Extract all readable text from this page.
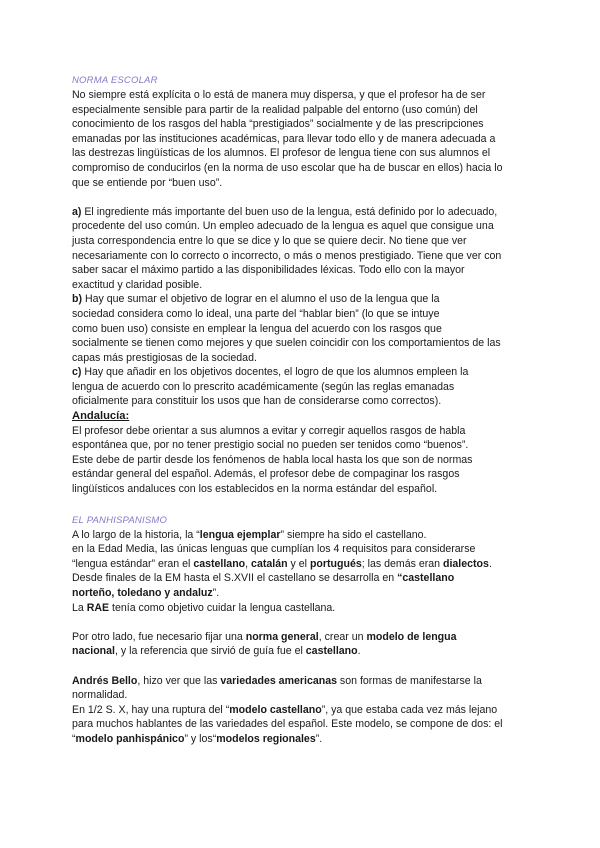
NORMA ESCOLAR

No siempre está explícita o lo está de manera muy dispersa, y que el profesor ha de ser

especialmente sensible para partir de la realidad palpable del entorno (uso común) del

conocimiento de los rasgos del habla “prestigiados” socialmente y de las prescripciones

emanadas por las instituciones académicas, para llevar todo ello y de manera adecuada a

las destrezas lingüísticas de los alumnos. El profesor de lengua tiene con sus alumnos el

compromiso de conducirlos (en la norma de uso escolar que ha de buscar en ellos) hacia lo

que se entiende por “buen uso”.

a) El ingrediente más importante del buen uso de la lengua, está definido por lo adecuado,

procedente del uso común. Un empleo adecuado de la lengua es aquel que consigue una

justa correspondencia entre lo que se dice y lo que se quiere decir. No tiene que ver

necesariamente con lo correcto o incorrecto, o más o menos prestigiado. Tiene que ver con

saber sacar el máximo partido a las disponibilidades léxicas. Todo ello con la mayor

exactitud y claridad posible.

b) Hay que sumar el objetivo de lograr en el alumno el uso de la lengua que la

sociedad considera como lo ideal, una parte del “hablar bien” (lo que se intuye

como buen uso) consiste en emplear la lengua del acuerdo con los rasgos que

socialmente se tienen como mejores y que suelen coincidir con los comportamientos de las

capas más prestigiosas de la sociedad.

c) Hay que añadir en los objetivos docentes, el logro de que los alumnos empleen la

lengua de acuerdo con lo prescrito académicamente (según las reglas emanadas

oficialmente para constituir los usos que han de considerarse como correctos).

Andalucía:

El profesor debe orientar a sus alumnos a evitar y corregir aquellos rasgos de habla

espontánea que, por no tener prestigio social no pueden ser tenidos como “buenos”.

Este debe de partir desde los fenómenos de habla local hasta los que son de normas

estándar general del español. Además, el profesor debe de compaginar los rasgos

lingüísticos andaluces con los establecidos en la norma estándar del español.

EL PANHISPANISMO

A lo largo de la historia, la “lengua ejemplar” siempre ha sido el castellano.

en la Edad Media, las únicas lenguas que cumplían los 4 requisitos para considerarse

“lengua estándar” eran el castellano, catalán y el portugués; las demás eran dialectos.

Desde finales de la EM hasta el S.XVII el castellano se desarrolla en “castellano

norteño, toledano y andaluz”.

La RAE tenía como objetivo cuidar la lengua castellana.

Por otro lado, fue necesario fijar una norma general, crear un modelo de lengua

nacional, y la referencia que sirvió de guía fue el castellano.

Andrés Bello, hizo ver que las variedades americanas son formas de manifestarse la

normalidad.

En 1/2 S. X, hay una ruptura del “modelo castellano”, ya que estaba cada vez más lejano

para muchos hablantes de las variedades del español. Este modelo, se compone de dos: el

“modelo panhispánico” y los“modelos regionales”.
